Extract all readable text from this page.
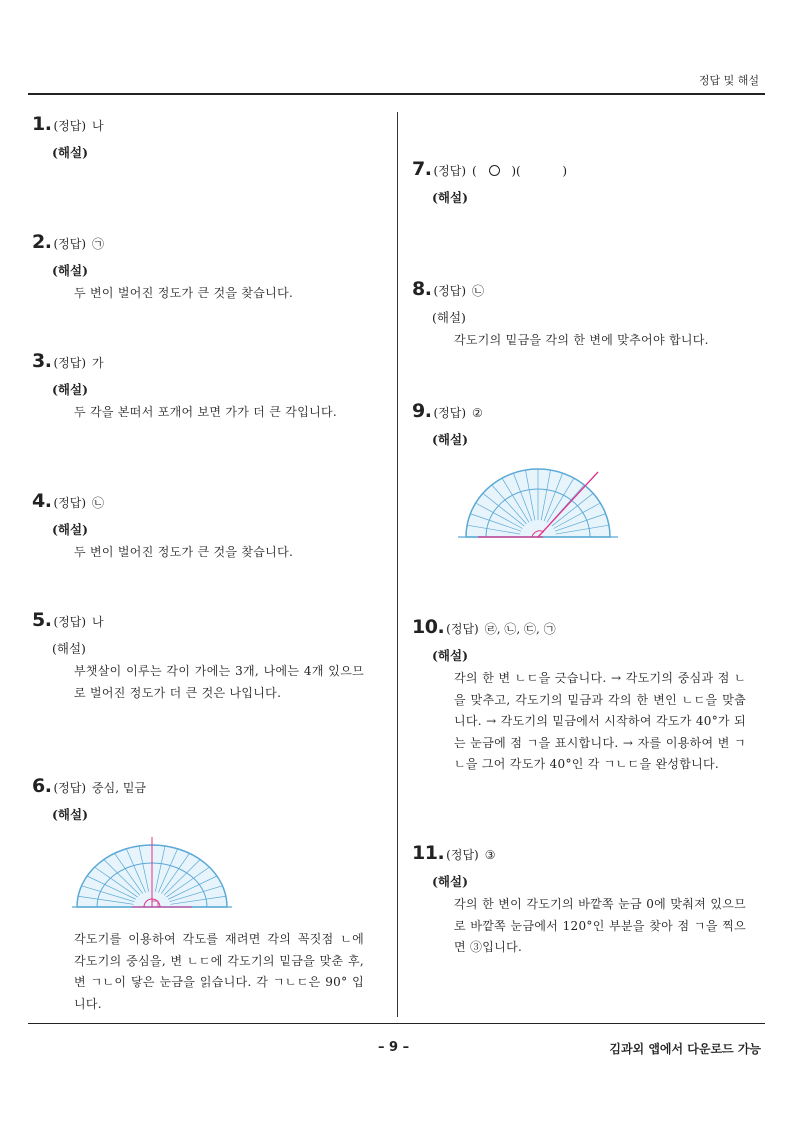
정답 및 해설
1. (정답) 나
(해설)
2. (정답) ㉠
(해설)

두 변이 벌어진 정도가 큰 것을 찾습니다.

3. (정답) 가
(해설)

두 각을 본떠서 포개어 보면 가가 더 큰 각입니다.

4. (정답) ㉡
(해설)

두 변이 벌어진 정도가 큰 것을 찾습니다.

5. (정답) 나
(해설)

부챗살이 이루는 각이 가에는 3개, 나에는 4개 있으므로 벌어진 정도가 더 큰 것은 나입니다.

6. (정답) 중심, 밑금
(해설)

각도기를 이용하여 각도를 재려면 각의 꼭짓점 ㄴ에 각도기의 중심을, 변 ㄴㄷ에 각도기의 밑금을 맞춘 후, 변 ㄱㄴ이 닿은 눈금을 읽습니다. 각 ㄱㄴㄷ은 90° 입니다.

7. (정답) ( ○ )(	)
(해설)
8. (정답) ㉡
(해설)

각도기의 밑금을 각의 한 변에 맞추어야 합니다.

9. (정답) ②
(해설)
10. (정답) ㉣, ㉡, ㉢, ㉠
(해설)

각의 한 변 ㄴㄷ을 긋습니다. → 각도기의 중심과 점 ㄴ을 맞추고, 각도기의 밑금과 각의 한 변인 ㄴㄷ을 맞춥니다. → 각도기의 밑금에서 시작하여 각도가 40°가 되는 눈금에 점 ㄱ을 표시합니다. → 자를 이용하여 변 ㄱㄴ을 그어 각도가 40°인 각 ㄱㄴㄷ을 완성합니다.

11. (정답) ③
(해설)

각의 한 변이 각도기의 바깥쪽 눈금 0에 맞춰져 있으므로 바깥쪽 눈금에서 120°인 부분을 찾아 점 ㄱ을 찍으면 ③입니다.

– 9 –	김과외 앱에서 다운로드 가능
